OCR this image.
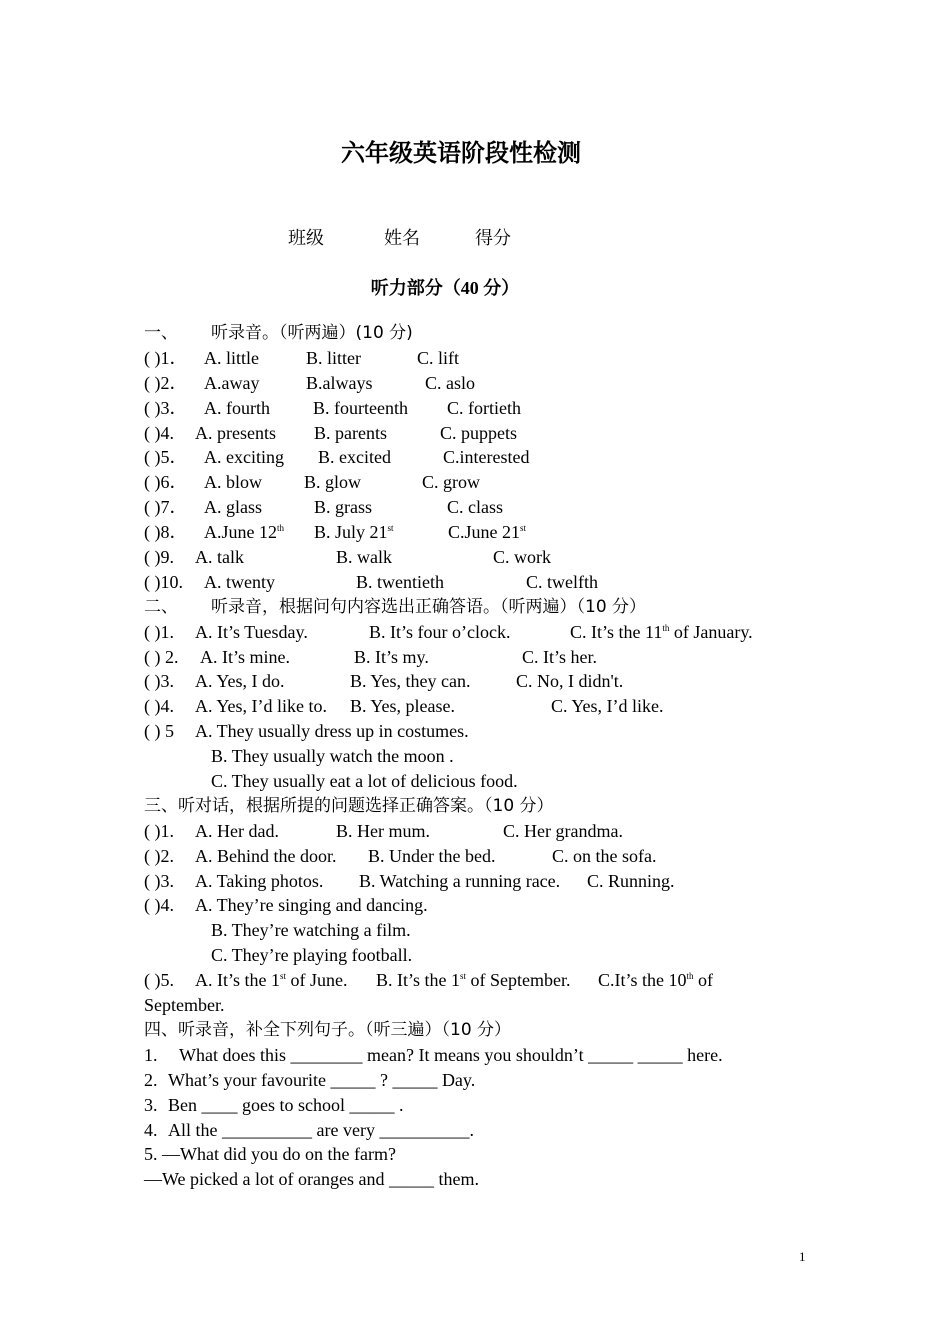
六年级英语阶段性检测
班级	姓名	得分
听力部分（40 分）
一、 听录音。（听两遍）(10 分)
( )1． A. little	B. litter	C. lift
( )2． A.away	B.always	C. aslo
( )3． A. fourth B. fourteenth C. fortieth
( )4. A. presents B. parents	C. puppets
( )5． A. exciting B. excited	C.interested
( )6． A. blow B. glow	C. grow
( )7． A. glass	B. grass	C. class
( )8． A.June 12th B. July 21st	C.June 21st
( )9. A. talk	B. walk	C. work
( )10. A. twenty	B. twentieth	C. twelfth
二、 听录音，根据问句内容选出正确答语。（听两遍）（10 分）
( )1. A. It’s Tuesday.	B. It’s four o’clock.	C. It’s the 11th of January.
( ) 2. A. It’s mine.	B. It’s my.	C. It’s her.
( )3. A. Yes, I do.	B. Yes, they can.	C. No, I didn't.
( )4. A. Yes, I’d like to. B. Yes, please.	C. Yes, I’d like.
( ) 5 A. They usually dress up in costumes.
B. They usually watch the moon .
C. They usually eat a lot of delicious food.
三、听对话，根据所提的问题选择正确答案。（10 分）
( )1. A. Her dad.	B. Her mum.	C. Her grandma.
( )2. A. Behind the door. B. Under the bed.	C. on the sofa.
( )3. A. Taking photos. B. Watching a running race. C. Running.
( )4. A. They’re singing and dancing.
B. They’re watching a film.
C. They’re playing football.
( )5. A. It’s the 1st of June. B. It’s the 1st of September. C.It’s the 10th of
September.
四、听录音，补全下列句子。（听三遍）（10 分）
1. What does this ________ mean? It means you shouldn’t _____ _____ here.
2. What’s your favourite _____ ? _____ Day.
3. Ben ____ goes to school _____ .
4. All the __________ are very __________.
5. —What did you do on the farm?
—We picked a lot of oranges and _____ them.
1
